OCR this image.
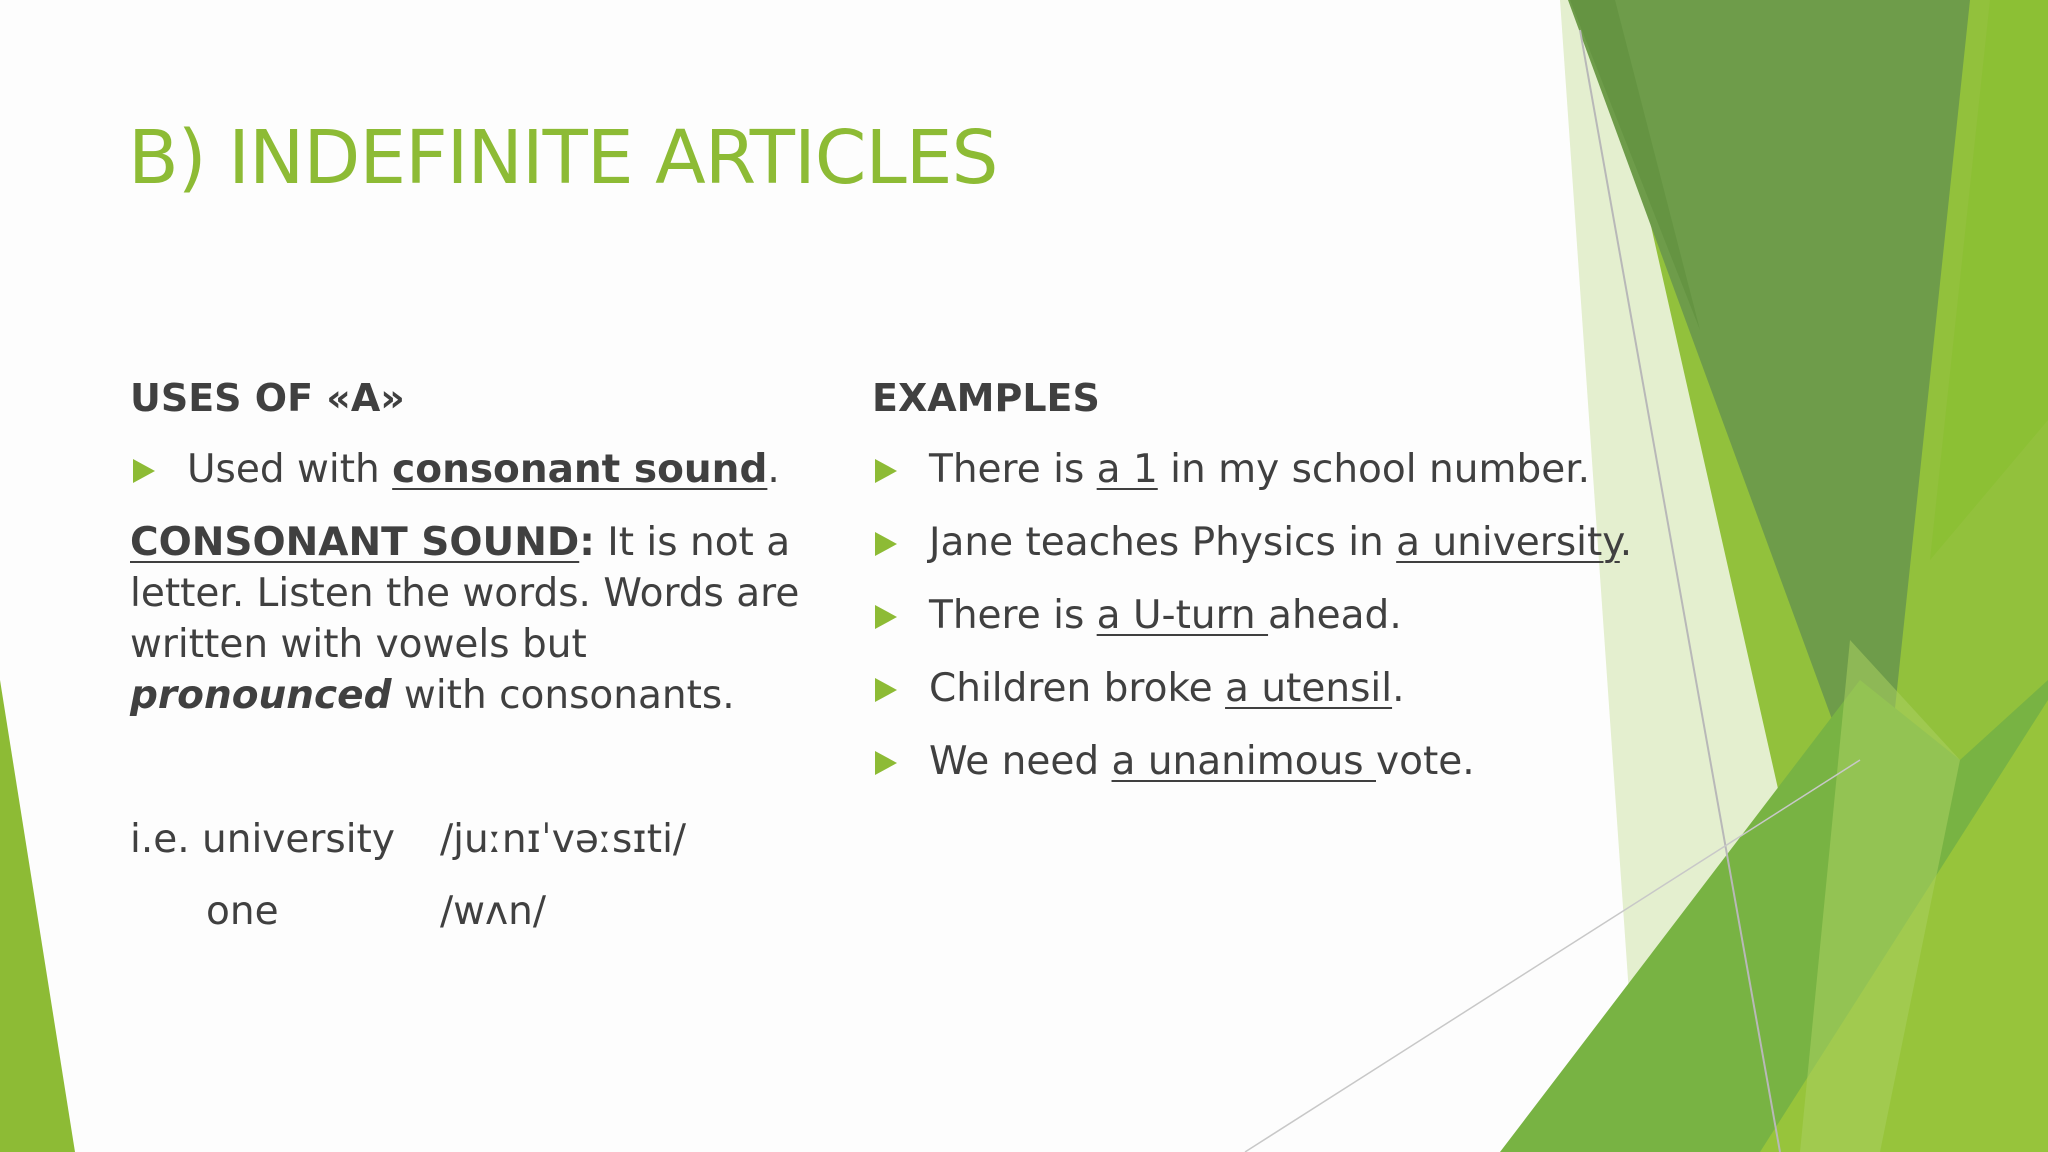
B) INDEFINITE ARTICLES
USES OF «A»
Used with consonant sound.

CONSONANT SOUND: It is not a letter. Listen the words. Words are written with vowels but pronounced with consonants.

i.e. university /juːnɪˈvəːsɪti/
one	/wʌn/
EXAMPLES
There is a 1 in my school number.
Jane teaches Physics in a university.
There is a U-turn ahead.
Children broke a utensil.
We need a unanimous vote.
